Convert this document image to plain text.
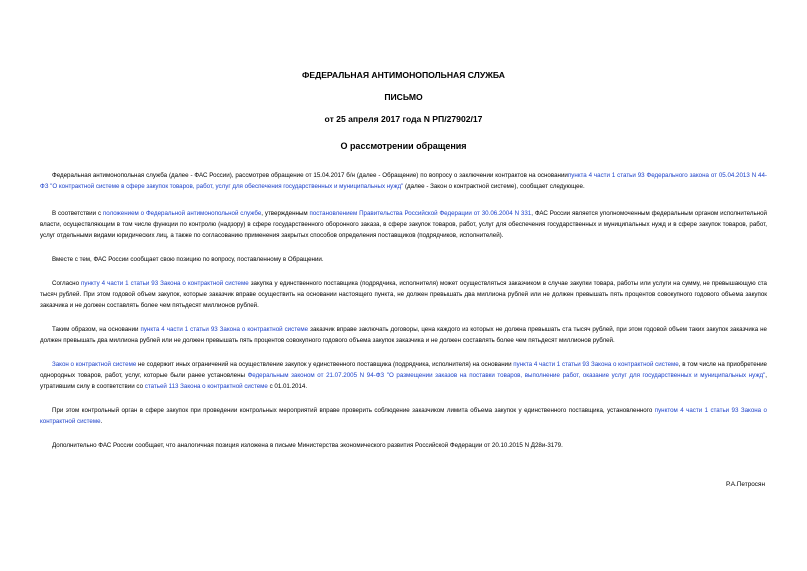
ФЕДЕРАЛЬНАЯ АНТИМОНОПОЛЬНАЯ СЛУЖБА
ПИСЬМО
от 25 апреля 2017 года N РП/27902/17
О рассмотрении обращения

Федеральная антимонопольная служба (далее - ФАС России), рассмотрев обращение от 15.04.2017 б/н (далее - Обращение) по вопросу о заключении контрактов на основаниипункта 4 части 1 статьи 93 Федерального закона от 05.04.2013 N 44-ФЗ "О контрактной системе в сфере закупок товаров, работ, услуг для обеспечения государственных и муниципальных нужд" (далее - Закон о контрактной системе), сообщает следующее.

В соответствии с положением о Федеральной антимонопольной службе, утвержденным постановлением Правительства Российской Федерации от 30.06.2004 N 331, ФАС России является уполномоченным федеральным органом исполнительной власти, осуществляющим в том числе функции по контролю (надзору) в сфере государственного оборонного заказа, в сфере закупок товаров, работ, услуг для обеспечения государственных и муниципальных нужд и в сфере закупок товаров, работ, услуг отдельными видами юридических лиц, а также по согласованию применения закрытых способов определения поставщиков (подрядчиков, исполнителей).

Вместе с тем, ФАС России сообщает свою позицию по вопросу, поставленному в Обращении.

Согласно пункту 4 части 1 статьи 93 Закона о контрактной системе закупка у единственного поставщика (подрядчика, исполнителя) может осуществляться заказчиком в случае закупки товара, работы или услуги на сумму, не превышающую ста тысяч рублей. При этом годовой объем закупок, которые заказчик вправе осуществить на основании настоящего пункта, не должен превышать два миллиона рублей или не должен превышать пять процентов совокупного годового объема закупок заказчика и не должен составлять более чем пятьдесят миллионов рублей.

Таким образом, на основании пункта 4 части 1 статьи 93 Закона о контрактной системе заказчик вправе заключать договоры, цена каждого из которых не должна превышать ста тысяч рублей, при этом годовой объем таких закупок заказчика не должен превышать два миллиона рублей или не должен превышать пять процентов совокупного годового объема закупок заказчика и не должен составлять более чем пятьдесят миллионов рублей.

Закон о контрактной системе не содержит иных ограничений на осуществление закупок у единственного поставщика (подрядчика, исполнителя) на основании пункта 4 части 1 статьи 93 Закона о контрактной системе, в том числе на приобретение однородных товаров, работ, услуг, которые были ранее установлены Федеральным законом от 21.07.2005 N 94-ФЗ "О размещении заказов на поставки товаров, выполнение работ, оказание услуг для государственных и муниципальных нужд", утратившим силу в соответствии со статьей 113 Закона о контрактной системе с 01.01.2014.

При этом контрольный орган в сфере закупок при проведении контрольных мероприятий вправе проверить соблюдение заказчиком лимита объема закупок у единственного поставщика, установленного пунктом 4 части 1 статьи 93 Закона о контрактной системе.

Дополнительно ФАС России сообщает, что аналогичная позиция изложена в письме Министерства экономического развития Российской Федерации от 20.10.2015 N Д28и-3179.

Р.А.Петросян
